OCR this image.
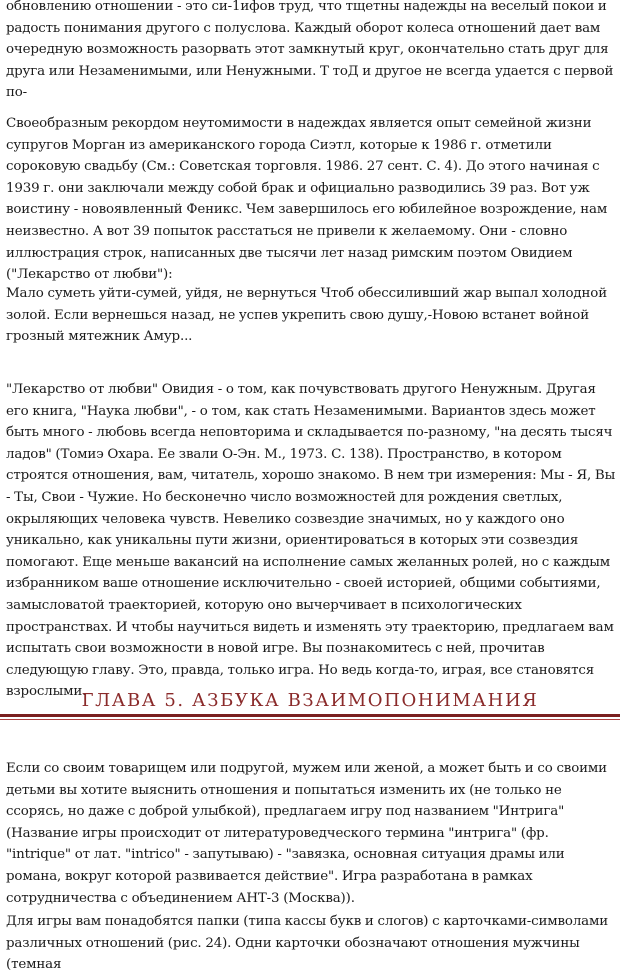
обновлению отношении - это си-1ифов труд, что тщетны надежды на веселый покои и радость понимания другого с полуслова. Каждый оборот колеса отношений дает вам очередную возможность разорвать этот замкнутый круг, окончательно стать друг для друга или Незаменимыми, или Ненужными. Т тоД и другое не всегда удается с первой по-

Своеобразным рекордом неутомимости в надеждах является опыт семейной жизни супругов Морган из американского города Сиэтл, которые к 1986 г. отметили сороковую свадьбу (См.: Советская торговля. 1986. 27 сент. С. 4). До этого начиная с 1939 г. они заключали между собой брак и официально разводились 39 раз. Вот уж воистину - новоявленный Феникс. Чем завершилось его юбилейное возрождение, нам неизвестно. А вот 39 попыток расстаться не привели к желаемому. Они - словно иллюстрация строк, написанных две тысячи лет назад римским поэтом Овидием ("Лекарство от любви"):

Мало суметь уйти-сумей, уйдя, не вернуться Чтоб обессиливший жар выпал холодной золой. Если вернешься назад, не успев укрепить свою душу,-Новою встанет войной грозный мятежник Амур...

"Лекарство от любви" Овидия - о том, как почувствовать другого Ненужным. Другая его книга, "Наука любви", - о том, как стать Незаменимыми. Вариантов здесь может быть много - любовь всегда неповторима и складывается по-разному, "на десять тысяч ладов" (Томиэ Охара. Ее звали О-Эн. М., 1973. С. 138). Пространство, в котором строятся отношения, вам, читатель, хорошо знакомо. В нем три измерения: Мы - Я, Вы - Ты, Свои - Чужие. Но бесконечно число возможностей для рождения светлых, окрыляющих человека чувств. Невелико созвездие значимых, но у каждого оно уникально, как уникальны пути жизни, ориентироваться в которых эти созвездия помогают. Еще меньше вакансий на исполнение самых желанных ролей, но с каждым избранником ваше отношение исключительно - своей историей, общими событиями, замысловатой траекторией, которую оно вычерчивает в психологических пространствах. И чтобы научиться видеть и изменять эту траекторию, предлагаем вам испытать свои возможности в новой игре. Вы познакомитесь с ней, прочитав следующую главу. Это, правда, только игра. Но ведь когда-то, играя, все становятся взрослыми.

Если со своим товарищем или подругой, мужем или женой, а может быть и со своими детьми вы хотите выяснить отношения и попытаться изменить их (не только не ссорясь, но даже с доброй улыбкой), предлагаем игру под названием "Интрига" (Название игры происходит от литературоведческого термина "интрига" (фр. "intrique" от лат. "intrico" - запутываю) - "завязка, основная ситуация драмы или романа, вокруг которой развивается действие". Игра разработана в рамках сотрудничества с объединением АНТ-3 (Москва)).

Для игры вам понадобятся папки (типа кассы букв и слогов) с карточками-символами различных отношений (рис. 24). Одни карточки обозначают отношения мужчины (темная

ГЛАВА 5. АЗБУКА ВЗАИМОПОНИМАНИЯ
